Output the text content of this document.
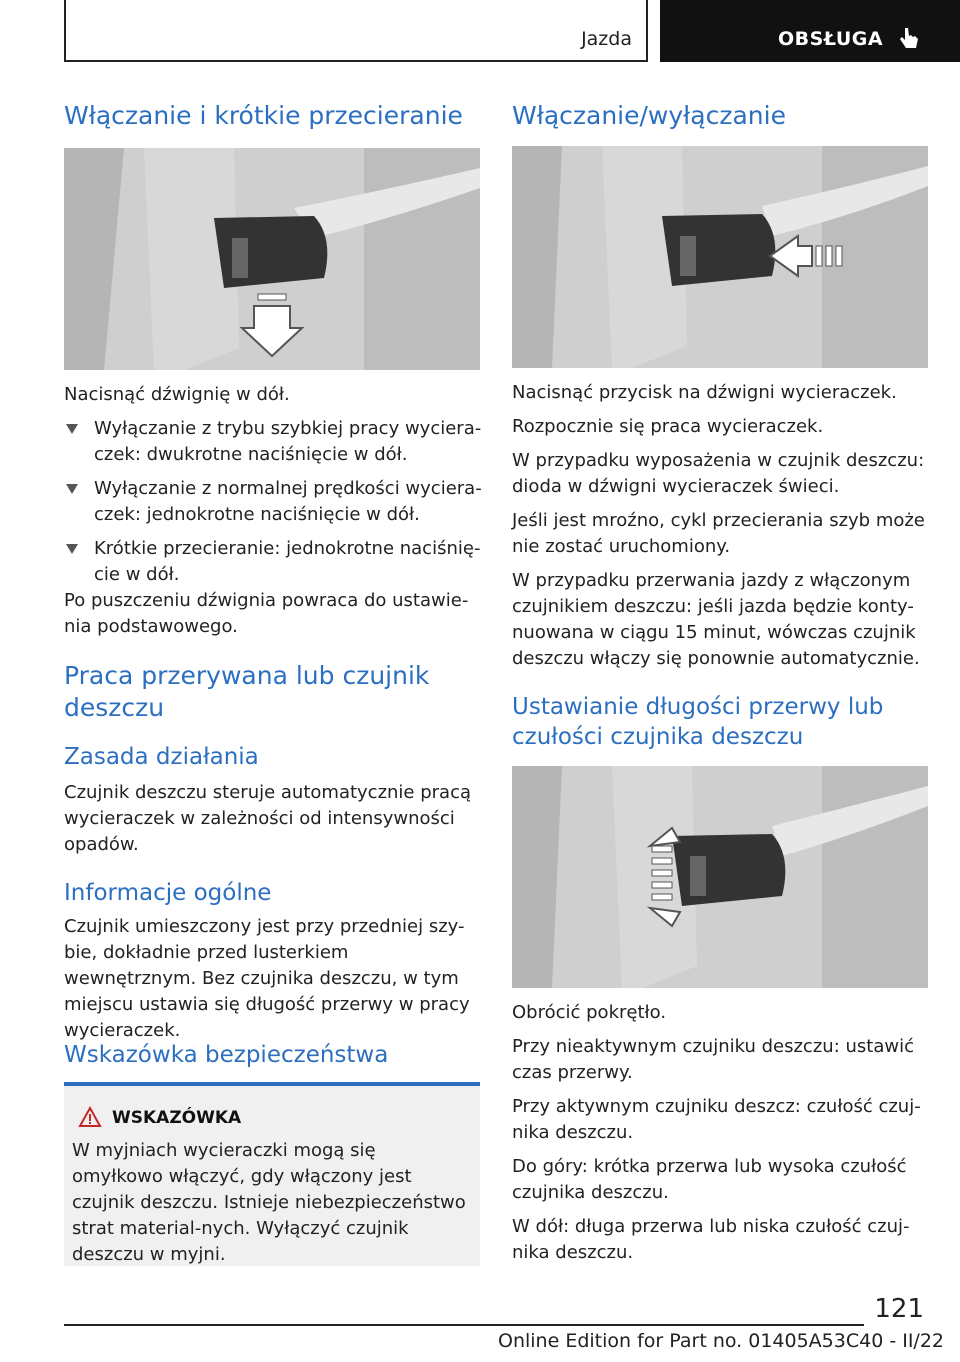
Jazda	OBSŁUGA
Włączanie i krótkie przecieranie

Nacisnąć dźwignię w dół.

Wyłączanie z trybu szybkiej pracy wyciera-czek: dwukrotne naciśnięcie w dół.
Wyłączanie z normalnej prędkości wyciera-czek: jednokrotne naciśnięcie w dół.
Krótkie przecieranie: jednokrotne naciśnię-cie w dół.

Po puszczeniu dźwignia powraca do ustawie-nia podstawowego.

Praca przerywana lub czujnik deszczu
Zasada działania

Czujnik deszczu steruje automatycznie pracą wycieraczek w zależności od intensywności opadów.

Informacje ogólne

Czujnik umieszczony jest przy przedniej szy-bie, dokładnie przed lusterkiem wewnętrznym. Bez czujnika deszczu, w tym miejscu ustawia się długość przerwy w pracy wycieraczek.

Wskazówka bezpieczeństwa
WSKAZÓWKA

W myjniach wycieraczki mogą się omyłkowo włączyć, gdy włączony jest czujnik deszczu. Istnieje niebezpieczeństwo strat material-nych. Wyłączyć czujnik deszczu w myjni.

Włączanie/wyłączanie

Nacisnąć przycisk na dźwigni wycieraczek.

Rozpocznie się praca wycieraczek.

W przypadku wyposażenia w czujnik deszczu: dioda w dźwigni wycieraczek świeci.

Jeśli jest mroźno, cykl przecierania szyb może nie zostać uruchomiony.

W przypadku przerwania jazdy z włączonym czujnikiem deszczu: jeśli jazda będzie konty-nuowana w ciągu 15 minut, wówczas czujnik deszczu włączy się ponownie automatycznie.

Ustawianie długości przerwy lub czułości czujnika deszczu

Obrócić pokrętło.

Przy nieaktywnym czujniku deszczu: ustawić czas przerwy.

Przy aktywnym czujniku deszcz: czułość czuj-nika deszczu.

Do góry: krótka przerwa lub wysoka czułość czujnika deszczu.

W dół: długa przerwa lub niska czułość czuj-nika deszczu.

121
Online Edition for Part no. 01405A53C40 - II/22
